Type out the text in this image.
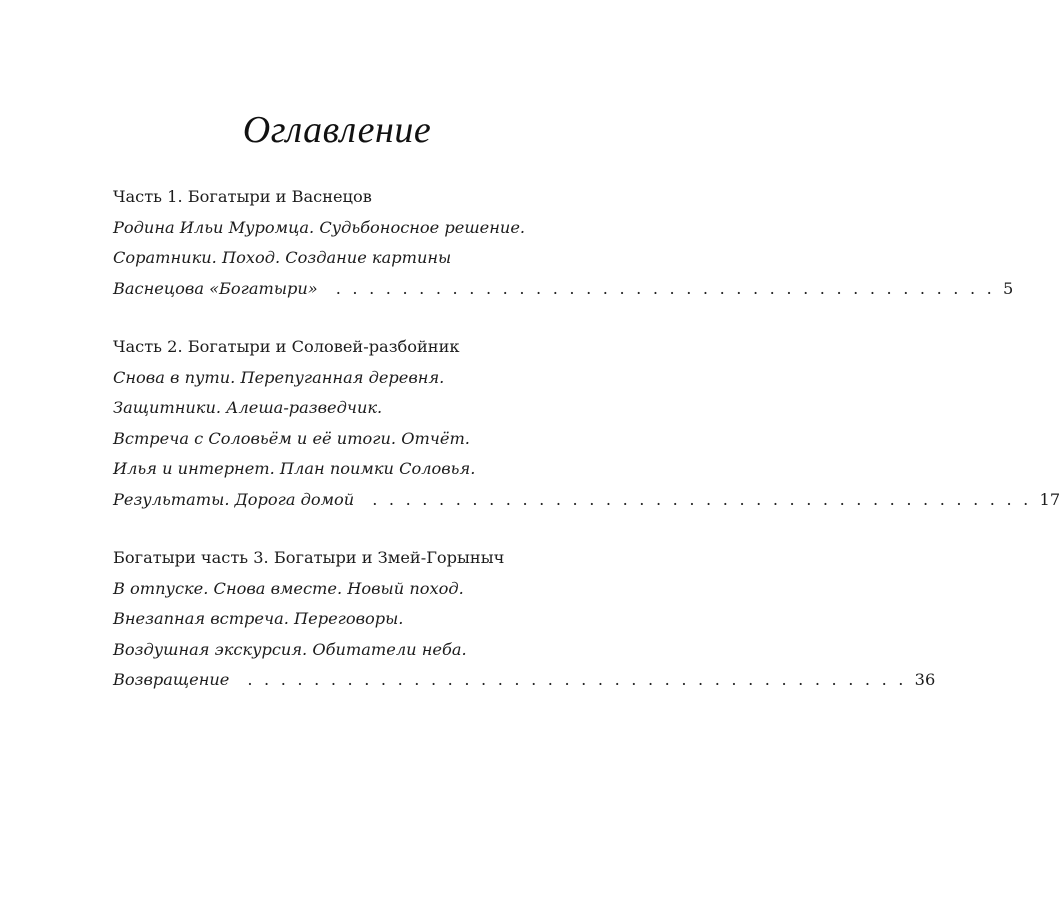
Оглавление
Часть 1. Богатыри и Васнецов
Родина Ильи Муромца. Судьбоносное решение.
Соратники. Поход. Создание картины
Васнецова «Богатыри» . . . . . . . . . . . . . . . . . . . . . . . . . . . . . . . . . . . . . . . . 5
Часть 2. Богатыри и Соловей-разбойник
Снова в пути. Перепуганная деревня.
Защитники. Алеша-разведчик.
Встреча с Соловьём и её итоги. Отчёт.
Илья и интернет. План поимки Соловья.
Результаты. Дорога домой . . . . . . . . . . . . . . . . . . . . . . . . . . . . . . . . . . . . . . . . 17
Богатыри часть 3. Богатыри и Змей-Горыныч
В отпуске. Снова вместе. Новый поход.
Внезапная встреча. Переговоры.
Воздушная экскурсия. Обитатели неба.
Возвращение . . . . . . . . . . . . . . . . . . . . . . . . . . . . . . . . . . . . . . . . 36
